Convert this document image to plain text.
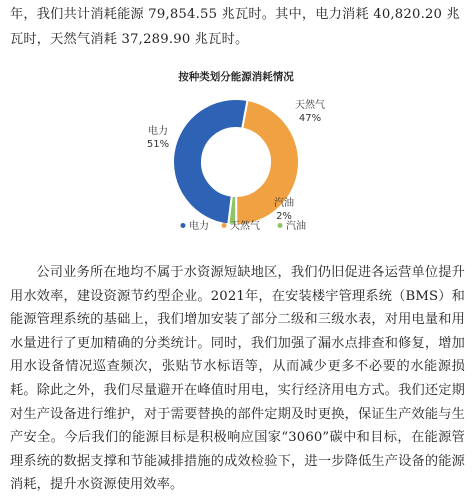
年，我们共计消耗能源 79,854.55 兆瓦时。其中，电力消耗 40,820.20 兆瓦时，天然气消耗 37,289.90 兆瓦时。

按种类划分能源消耗情况
电力
51%
天然气
47%
汽油
2%
电力 天然气	汽油

公司业务所在地均不属于水资源短缺地区，我们仍旧促进各运营单位提升用水效率，建设资源节约型企业。2021年，在安装楼宇管理系统（BMS）和能源管理系统的基础上，我们增加安装了部分二级和三级水表，对用电量和用水量进行了更加精确的分类统计。同时，我们加强了漏水点排查和修复，增加用水设备情况巡查频次，张贴节水标语等，从而减少更多不必要的水能源损耗。除此之外，我们尽量避开在峰值时用电，实行经济用电方式。我们还定期对生产设备进行维护，对于需要替换的部件定期及时更换，保证生产效能与生产安全。今后我们的能源目标是积极响应国家“3060”碳中和目标，在能源管理系统的数据支撑和节能减排措施的成效检验下，进一步降低生产设备的能源消耗，提升水资源使用效率。
